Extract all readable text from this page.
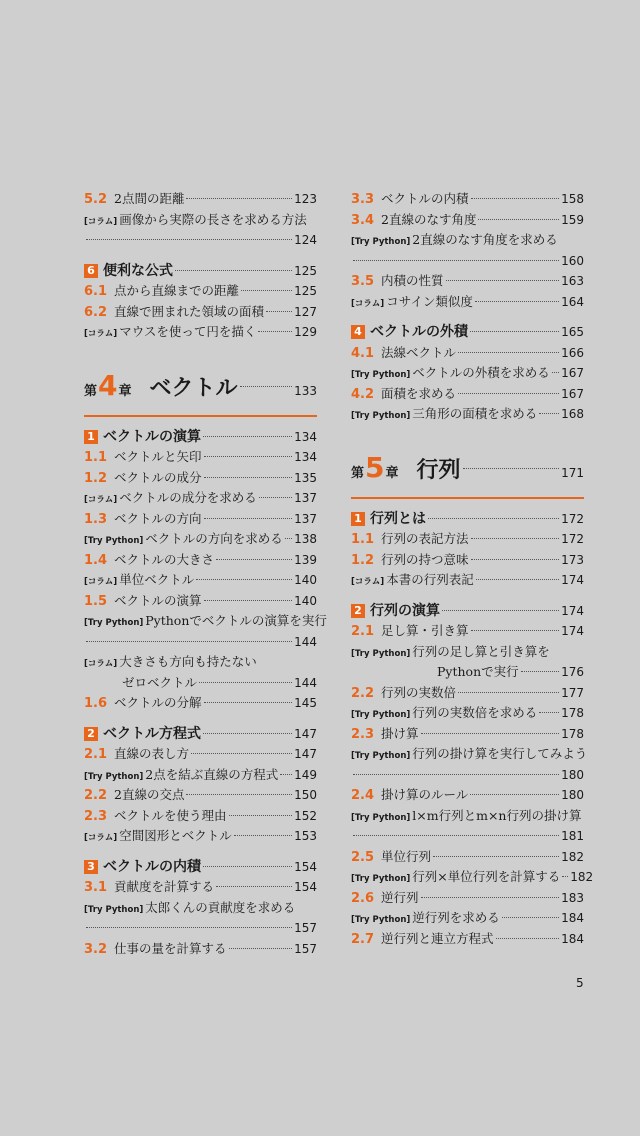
5.2 2点間の距離	123
[コラム] 画像から実際の長さを求める方法
124
6 便利な公式	125
6.1 点から直線までの距離	125
6.2 直線で囲まれた領域の面積	127
[コラム] マウスを使って円を描く	129
第 4 章 ベクトル	133
1 ベクトルの演算	134
1.1 ベクトルと矢印	134
1.2 ベクトルの成分	135
[コラム] ベクトルの成分を求める	137
1.3 ベクトルの方向	137
[Try Python] ベクトルの方向を求める 138
1.4 ベクトルの大きさ	139
[コラム] 単位ベクトル	140
1.5 ベクトルの演算	140
[Try Python] Pythonでベクトルの演算を実行
144
[コラム] 大きさも方向も持たない
ゼロベクトル	144
1.6 ベクトルの分解	145
2 ベクトル方程式	147
2.1 直線の表し方	147
[Try Python] 2点を結ぶ直線の方程式 149
2.2 2直線の交点	150
2.3 ベクトルを使う理由	152
[コラム] 空間図形とベクトル	153
3 ベクトルの内積	154
3.1 貢献度を計算する	154
[Try Python] 太郎くんの貢献度を求める
157
3.2 仕事の量を計算する	157
3.3 ベクトルの内積	158
3.4 2直線のなす角度	159
[Try Python] 2直線のなす角度を求める
160
3.5 内積の性質	163
[コラム] コサイン類似度	164
4 ベクトルの外積	165
4.1 法線ベクトル	166
[Try Python] ベクトルの外積を求める 167
4.2 面積を求める	167
[Try Python] 三角形の面積を求める 168
第 5 章 行列	171
1 行列とは	172
1.1 行列の表記方法	172
1.2 行列の持つ意味	173
[コラム] 本書の行列表記	174
2 行列の演算	174
2.1 足し算・引き算	174
[Try Python] 行列の足し算と引き算を
Pythonで実行	176
2.2 行列の実数倍	177
[Try Python] 行列の実数倍を求める 178
2.3 掛け算	178
[Try Python] 行列の掛け算を実行してみよう
180
2.4 掛け算のルール	180
[Try Python] l×m行列とm×n行列の掛け算
181
2.5 単位行列	182
[Try Python] 行列×単位行列を計算する 182
2.6 逆行列	183
[Try Python] 逆行列を求める	184
2.7 逆行列と連立方程式	184
5
